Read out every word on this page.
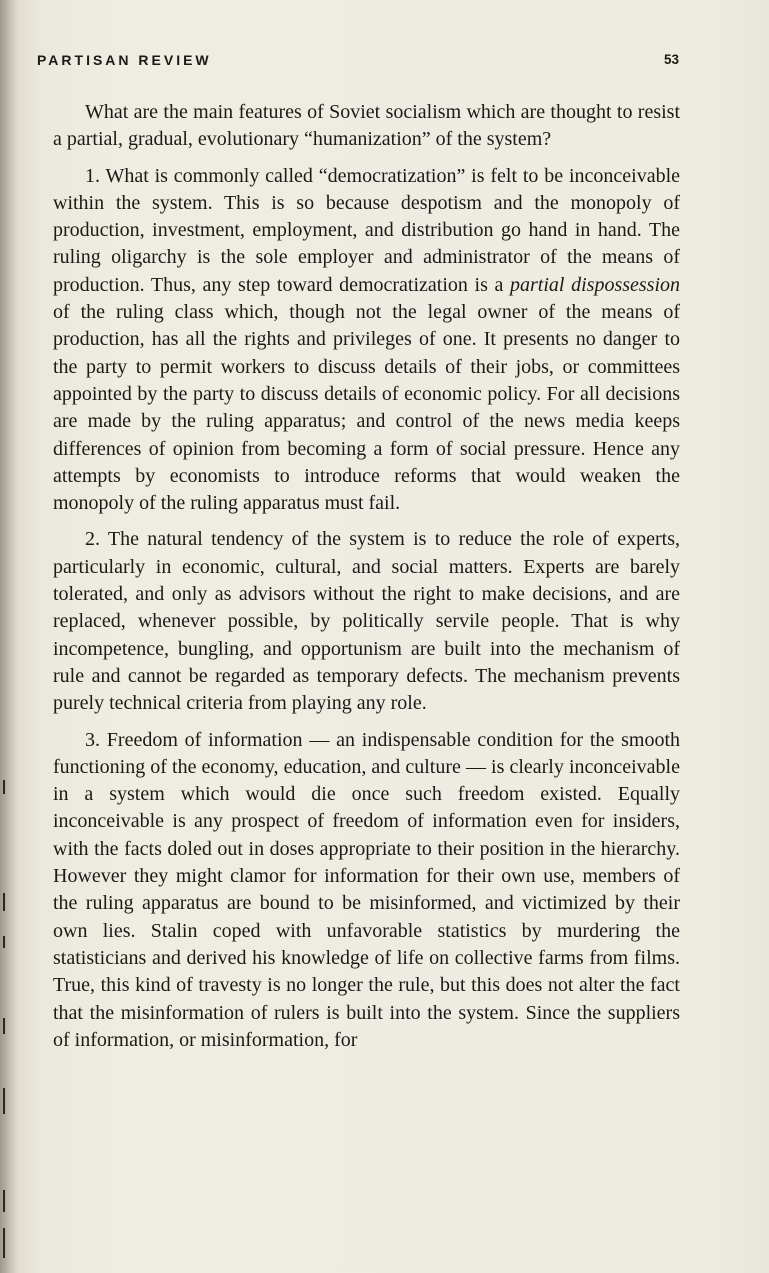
PARTISAN REVIEW	53

What are the main features of Soviet socialism which are thought to resist a partial, gradual, evolutionary “humanization” of the system?

1. What is commonly called “democratization” is felt to be inconceivable within the system. This is so because despotism and the monopoly of production, investment, employment, and distribution go hand in hand. The ruling oligarchy is the sole employer and administrator of the means of production. Thus, any step toward democratization is a partial dispossession of the ruling class which, though not the legal owner of the means of production, has all the rights and privileges of one. It presents no danger to the party to permit workers to discuss details of their jobs, or committees appointed by the party to discuss details of economic policy. For all decisions are made by the ruling apparatus; and control of the news media keeps differences of opinion from becoming a form of social pressure. Hence any attempts by economists to introduce reforms that would weaken the monopoly of the ruling apparatus must fail.

2. The natural tendency of the system is to reduce the role of experts, particularly in economic, cultural, and social matters. Experts are barely tolerated, and only as advisors without the right to make decisions, and are replaced, whenever possible, by politically servile people. That is why incompetence, bungling, and opportunism are built into the mechanism of rule and cannot be regarded as temporary defects. The mechanism prevents purely technical criteria from playing any role.

3. Freedom of information — an indispensable condition for the smooth functioning of the economy, education, and culture — is clearly inconceivable in a system which would die once such freedom existed. Equally inconceivable is any prospect of freedom of information even for insiders, with the facts doled out in doses appropriate to their position in the hierarchy. However they might clamor for information for their own use, members of the ruling apparatus are bound to be misinformed, and victimized by their own lies. Stalin coped with unfavorable statistics by murdering the statisticians and derived his knowledge of life on collective farms from films. True, this kind of travesty is no longer the rule, but this does not alter the fact that the misinformation of rulers is built into the system. Since the suppliers of information, or misinformation, for
